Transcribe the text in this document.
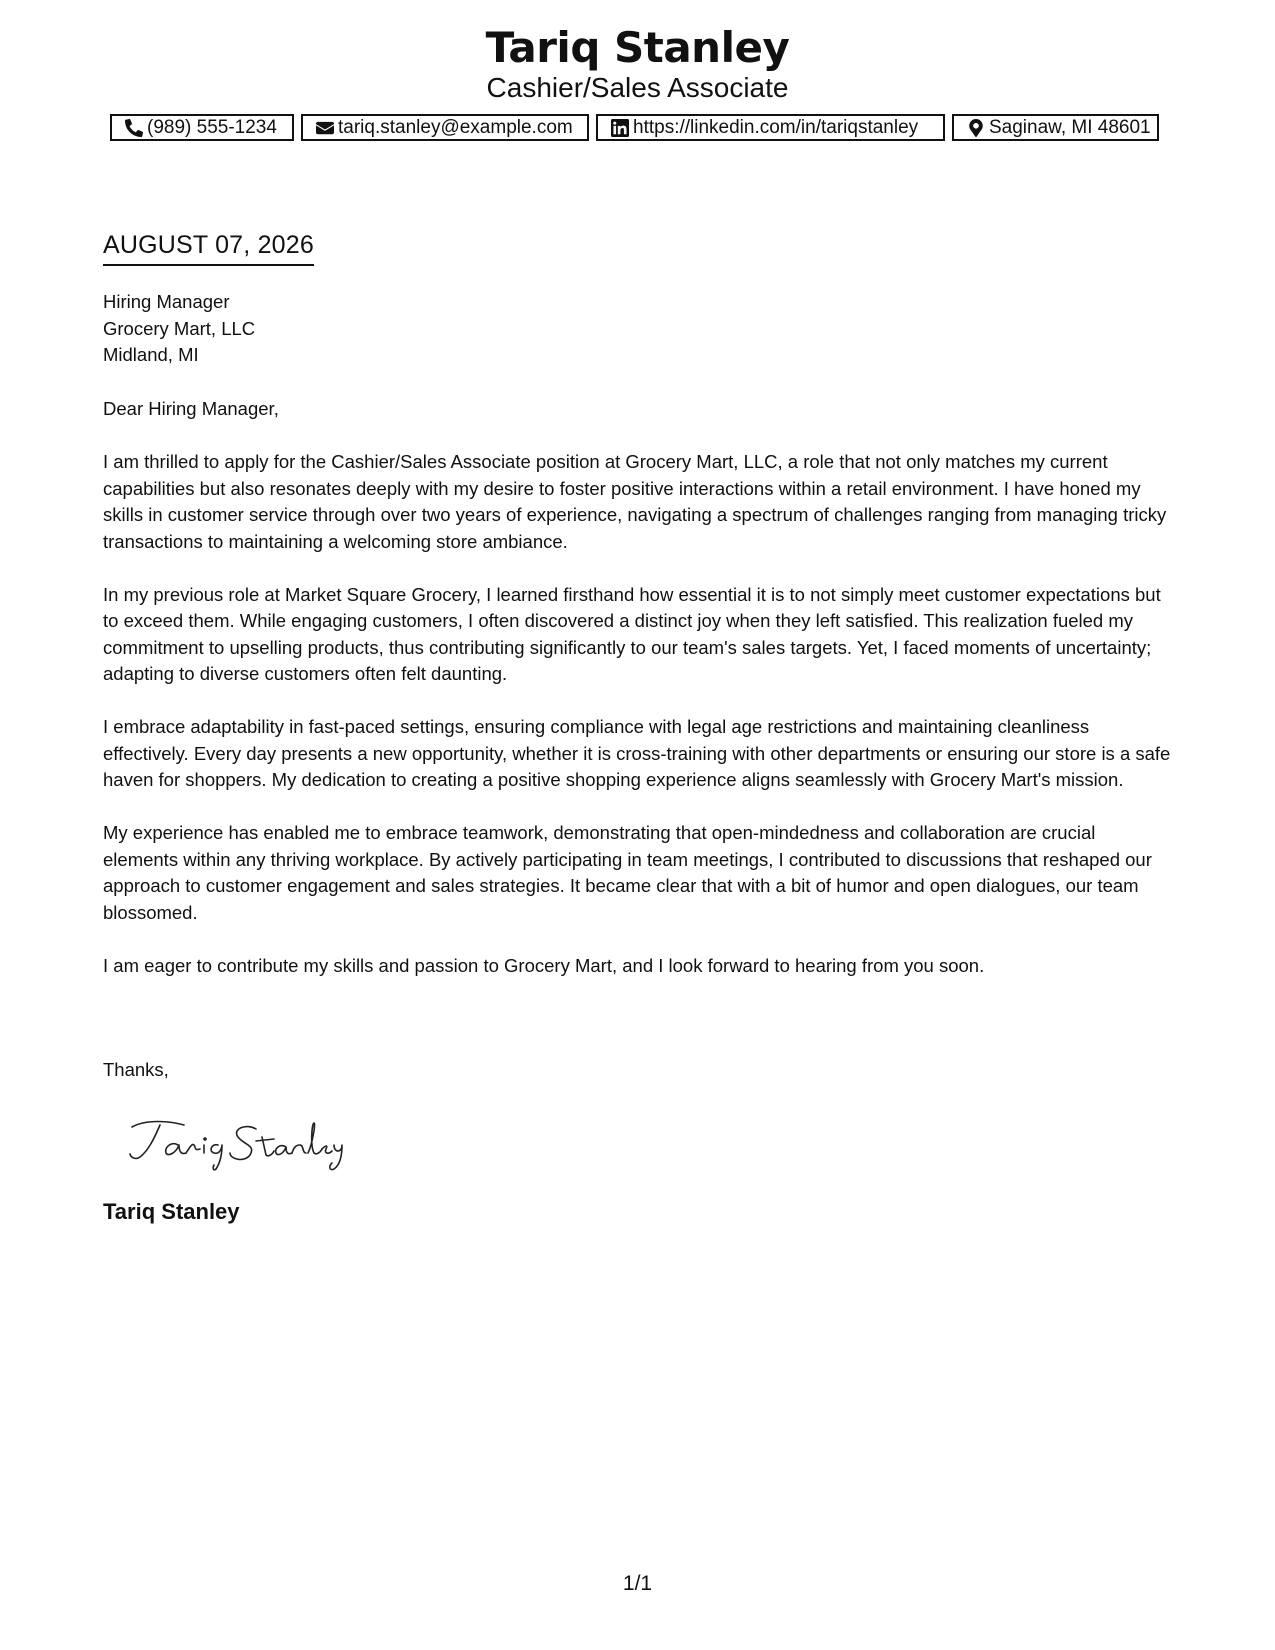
Tariq Stanley
Cashier/Sales Associate
(989) 555-1234	tariq.stanley@example.com	https://linkedin.com/in/tariqstanley	Saginaw, MI 48601
AUGUST 07, 2026
Hiring Manager
Grocery Mart, LLC
Midland, MI

Dear Hiring Manager,

I am thrilled to apply for the Cashier/Sales Associate position at Grocery Mart, LLC, a role that not only matches my current capabilities but also resonates deeply with my desire to foster positive interactions within a retail environment. I have honed my skills in customer service through over two years of experience, navigating a spectrum of challenges ranging from managing tricky transactions to maintaining a welcoming store ambiance.

In my previous role at Market Square Grocery, I learned firsthand how essential it is to not simply meet customer expectations but to exceed them. While engaging customers, I often discovered a distinct joy when they left satisfied. This realization fueled my commitment to upselling products, thus contributing significantly to our team's sales targets. Yet, I faced moments of uncertainty; adapting to diverse customers often felt daunting.

I embrace adaptability in fast-paced settings, ensuring compliance with legal age restrictions and maintaining cleanliness effectively. Every day presents a new opportunity, whether it is cross-training with other departments or ensuring our store is a safe haven for shoppers. My dedication to creating a positive shopping experience aligns seamlessly with Grocery Mart's mission.

My experience has enabled me to embrace teamwork, demonstrating that open-mindedness and collaboration are crucial elements within any thriving workplace. By actively participating in team meetings, I contributed to discussions that reshaped our approach to customer engagement and sales strategies. It became clear that with a bit of humor and open dialogues, our team blossomed.

I am eager to contribute my skills and passion to Grocery Mart, and I look forward to hearing from you soon.

Thanks,
Tariq Stanley
1/1
